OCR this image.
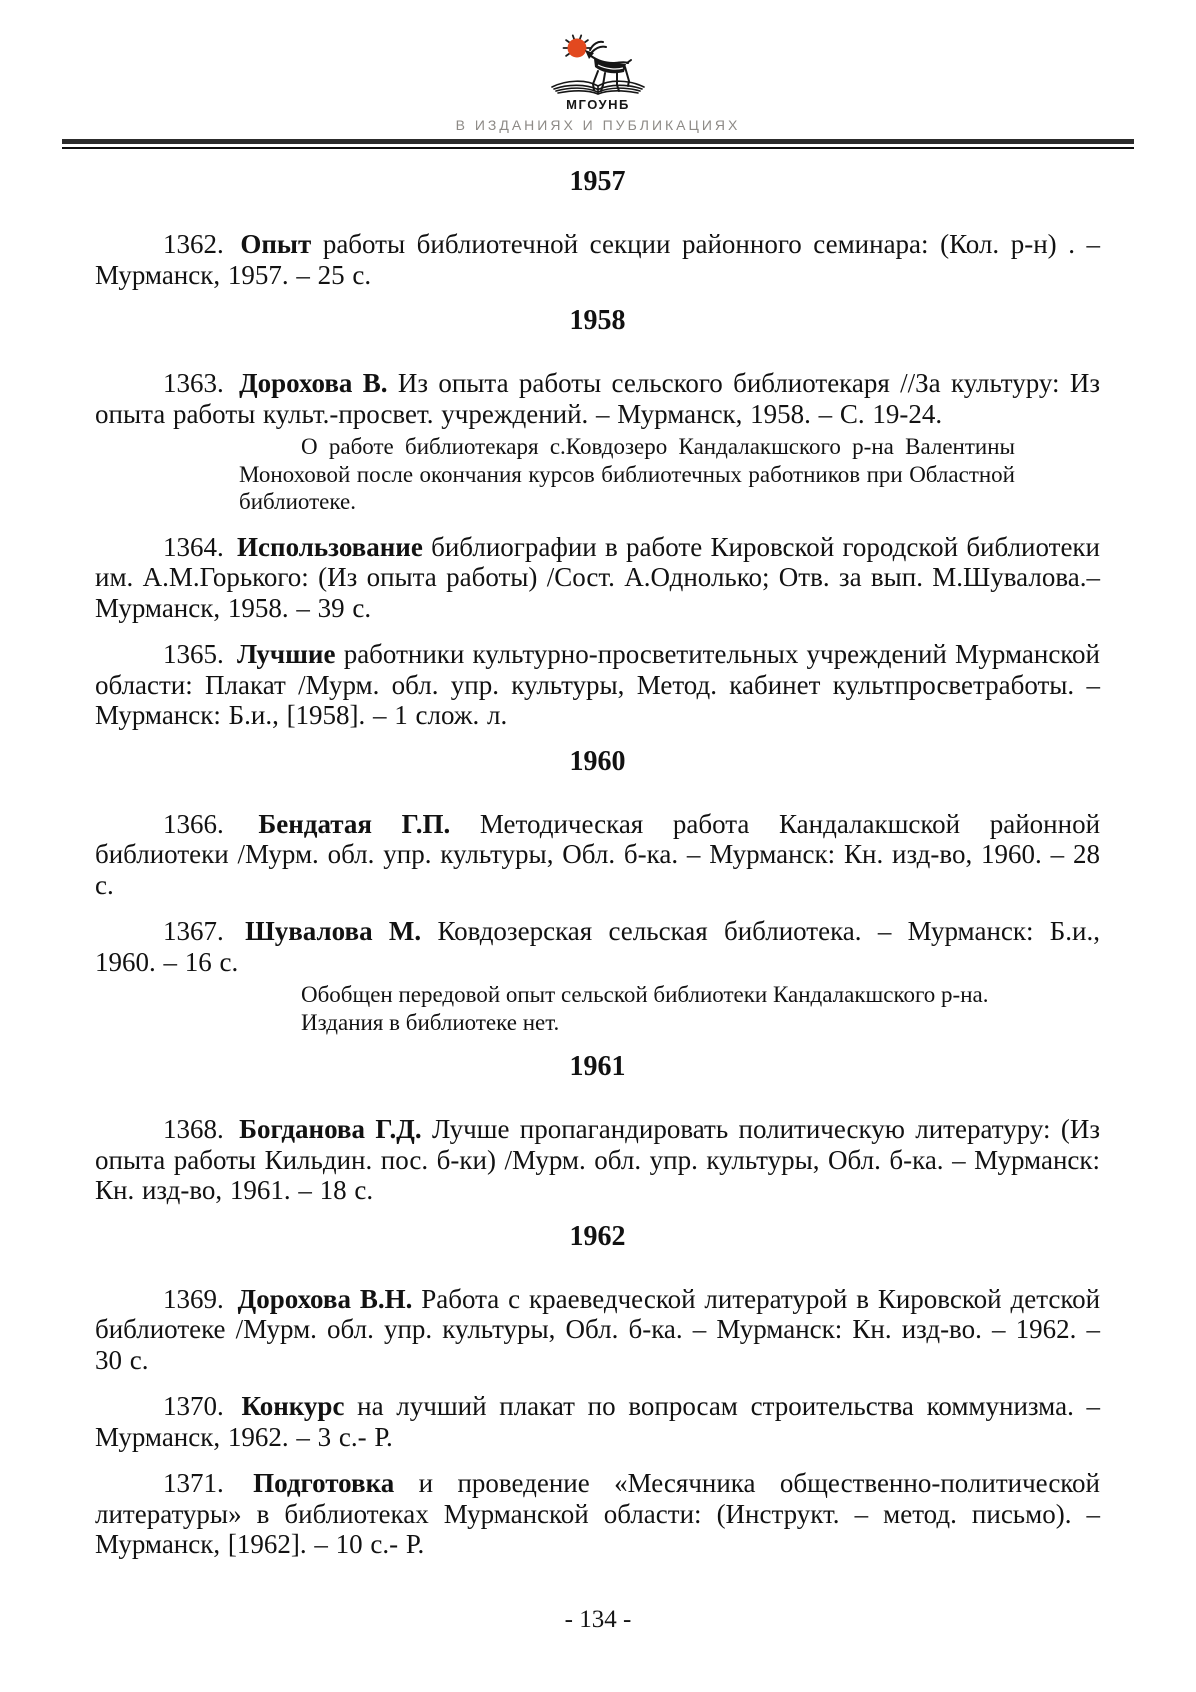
МГОУНБ
В ИЗДАНИЯХ И ПУБЛИКАЦИЯХ
1957

1362. Опыт работы библиотечной секции районного семинара: (Кол. р-н) . – Мурманск, 1957. – 25 с.

1958

1363. Дорохова В. Из опыта работы сельского библиотекаря //За культуру: Из опыта работы культ.-просвет. учреждений. – Мурманск, 1958. – С. 19-24.

О работе библиотекаря с.Ковдозеро Кандалакшского р-на Валентины Моноховой после окончания курсов библиотечных работников при Областной библиотеке.

1364. Использование библиографии в работе Кировской городской библиотеки им. А.М.Горького: (Из опыта работы) /Сост. А.Однолько; Отв. за вып. М.Шувалова.– Мурманск, 1958. – 39 с.

1365. Лучшие работники культурно-просветительных учреждений Мурманской области: Плакат /Мурм. обл. упр. культуры, Метод. кабинет культпросветработы. – Мурманск: Б.и., [1958]. – 1 слож. л.

1960

1366. Бендатая Г.П. Методическая работа Кандалакшской районной библиотеки /Мурм. обл. упр. культуры, Обл. б-ка. – Мурманск: Кн. изд-во, 1960. – 28 с.

1367. Шувалова М. Ковдозерская сельская библиотека. – Мурманск: Б.и., 1960. – 16 с.

Обобщен передовой опыт сельской библиотеки Кандалакшского р-на.

Издания в библиотеке нет.

1961

1368. Богданова Г.Д. Лучше пропагандировать политическую литературу: (Из опыта работы Кильдин. пос. б-ки) /Мурм. обл. упр. культуры, Обл. б-ка. – Мурманск: Кн. изд-во, 1961. – 18 с.

1962

1369. Дорохова В.Н. Работа с краеведческой литературой в Кировской детской библиотеке /Мурм. обл. упр. культуры, Обл. б-ка. – Мурманск: Кн. изд-во. – 1962. – 30 с.

1370. Конкурс на лучший плакат по вопросам строительства коммунизма. – Мурманск, 1962. – 3 с.- Р.

1371. Подготовка и проведение «Месячника общественно-политической литературы» в библиотеках Мурманской области: (Инструкт. – метод. письмо). – Мурманск, [1962]. – 10 с.- Р.

- 134 -
